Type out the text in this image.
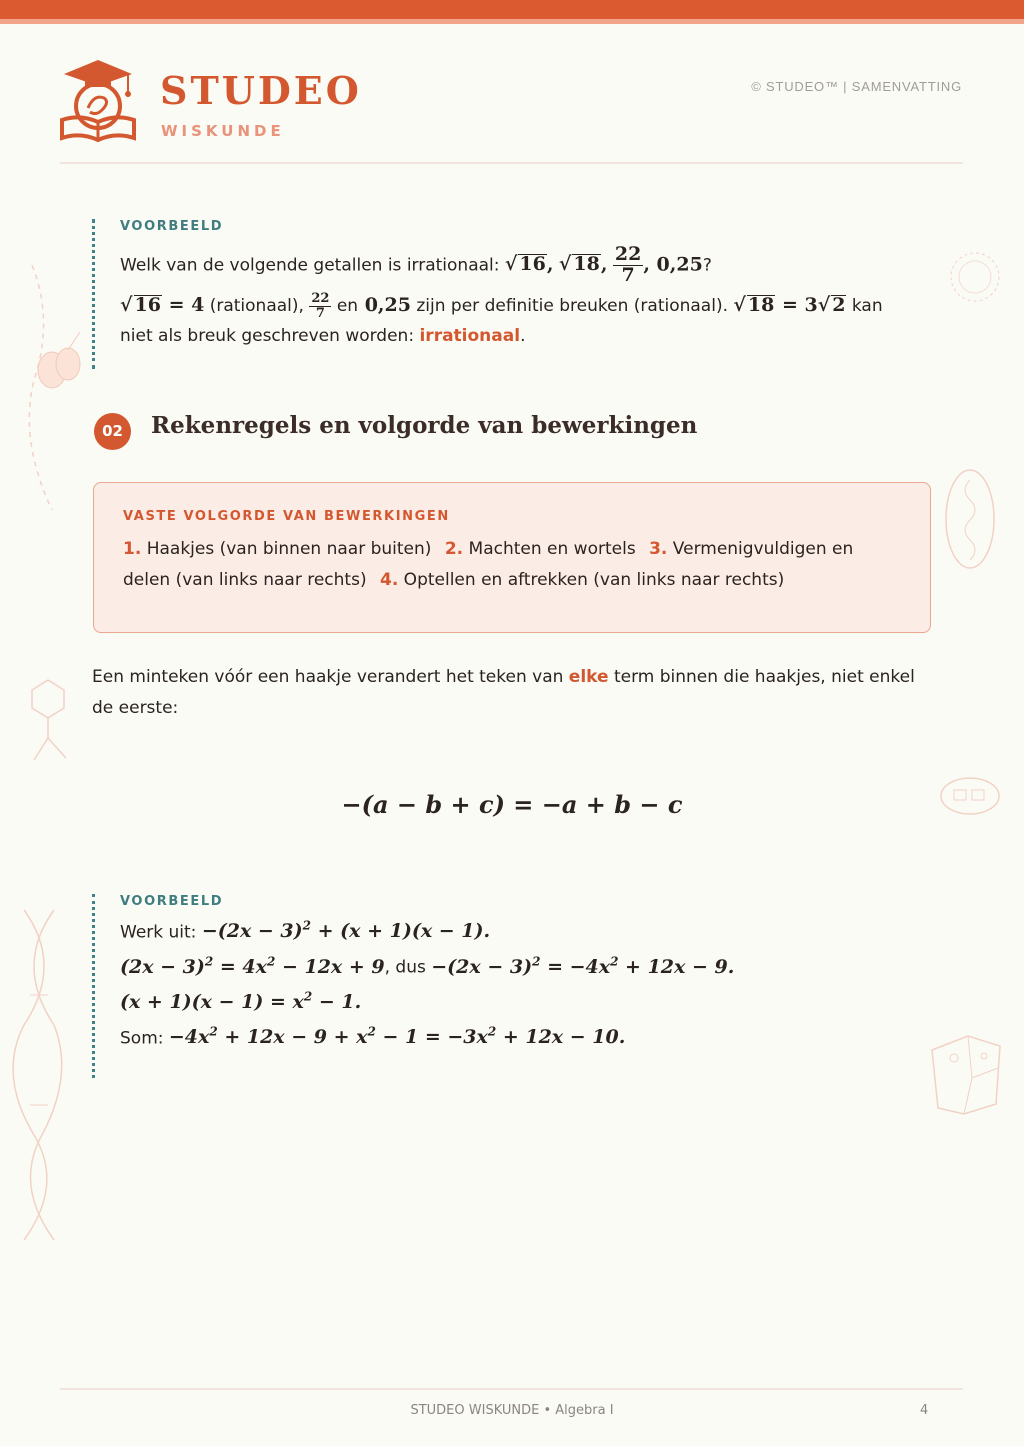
STUDEO
WISKUNDE
© STUDEO™ | SAMENVATTING
VOORBEELD
Welk van de volgende getallen is irrationaal: √ 16, √ 18, $\frac{22}{7}$ , 0,25?
√ 16 = 4 (rationaal), $\frac{22}{7}$ en 0,25 zijn per definitie breuken (rationaal). √ 18 = 3√ 2 kan
niet als breuk geschreven worden: irrationaal.
02	Rekenregels en volgorde van bewerkingen
VASTE VOLGORDE VAN BEWERKINGEN
1. Haakjes (van binnen naar buiten) 2. Machten en wortels 3. Vermenigvuldigen en delen (van links naar rechts) 4. Optellen en aftrekken (van links naar rechts)
Een minteken vóór een haakje verandert het teken van elke term binnen die haakjes, niet enkel de eerste:
−(a − b + c) = −a + b − c
VOORBEELD
Werk uit: $-(2x - 3)^2 + (x + 1)(x - 1)$.
$(2x - 3)^2 = 4x^2 - 12x + 9$, dus $-(2x - 3)^2 = -4x^2 + 12x - 9$.
$(x + 1)(x - 1) = x^2 - 1$.
Som: $-4x^2 + 12x - 9 + x^2 - 1 = -3x^2 + 12x - 10$.
STUDEO WISKUNDE • Algebra I	4
